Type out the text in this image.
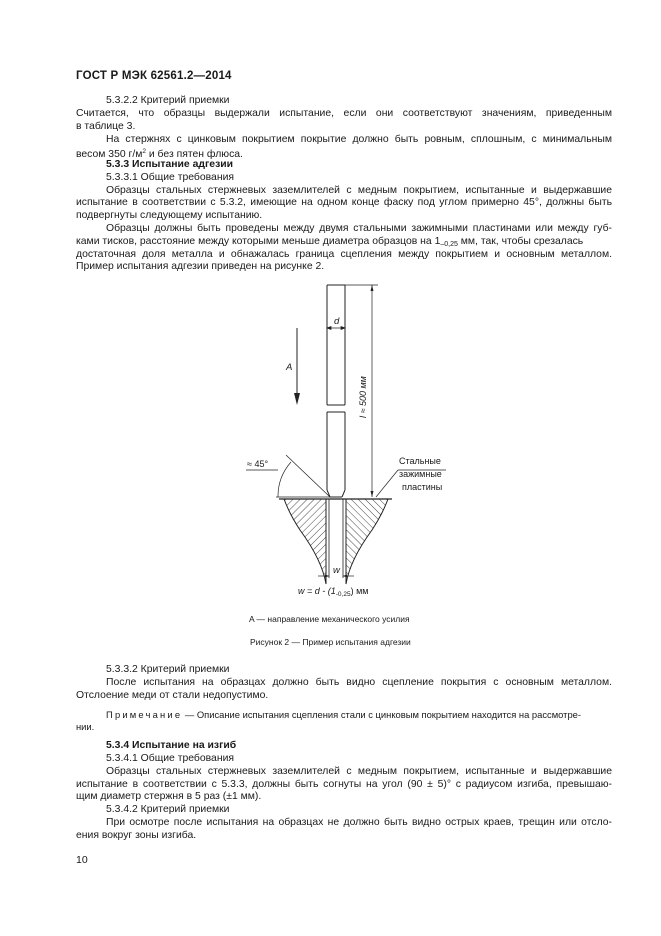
ГОСТ Р МЭК 62561.2—2014
5.3.2.2 Критерий приемки
Считается, что образцы выдержали испытание, если они соответствуют значениям, приведенным
в таблице 3.
На стержнях с цинковым покрытием покрытие должно быть ровным, сплошным, с минимальным
весом 350 $г/м^2$ и без пятен флюса.
5.3.3 Испытание адгезии
5.3.3.1 Общие требования
Образцы стальных стержневых заземлителей с медным покрытием, испытанные и выдержавшие
испытание в соответствии с 5.3.2, имеющие на одном конце фаску под углом примерно 45°, должны быть
подвергнуты следующему испытанию.
Образцы должны быть проведены между двумя стальными зажимными пластинами или между губ-
ками тисков, расстояние между которыми меньше диаметра образцов на $1_{-0,25}$ мм, так, чтобы срезалась
достаточная доля металла и обнажалась граница сцепления между покрытием и основным металлом.
Пример испытания адгезии приведен на рисунке 2.
d
A
l ≈ 500 мм
≈ 45°	Стальные
зажимные
пластины
w
$w = d - (1_{-0,25})$ мм
A — направление механического усилия
Рисунок 2 — Пример испытания адгезии
5.3.3.2 Критерий приемки
После испытания на образцах должно быть видно сцепление покрытия с основным металлом.
Отслоение меди от стали недопустимо.
Примечание — Описание испытания сцепления стали с цинковым покрытием находится на рассмотре-
нии.
5.3.4 Испытание на изгиб
5.3.4.1 Общие требования
Образцы стальных стержневых заземлителей с медным покрытием, испытанные и выдержавшие
испытание в соответствии с 5.3.3, должны быть согнуты на угол (90 ± 5)° с радиусом изгиба, превышаю-
щим диаметр стержня в 5 раз (±1 мм).
5.3.4.2 Критерий приемки
При осмотре после испытания на образцах не должно быть видно острых краев, трещин или отсло-
ения вокруг зоны изгиба.
10
